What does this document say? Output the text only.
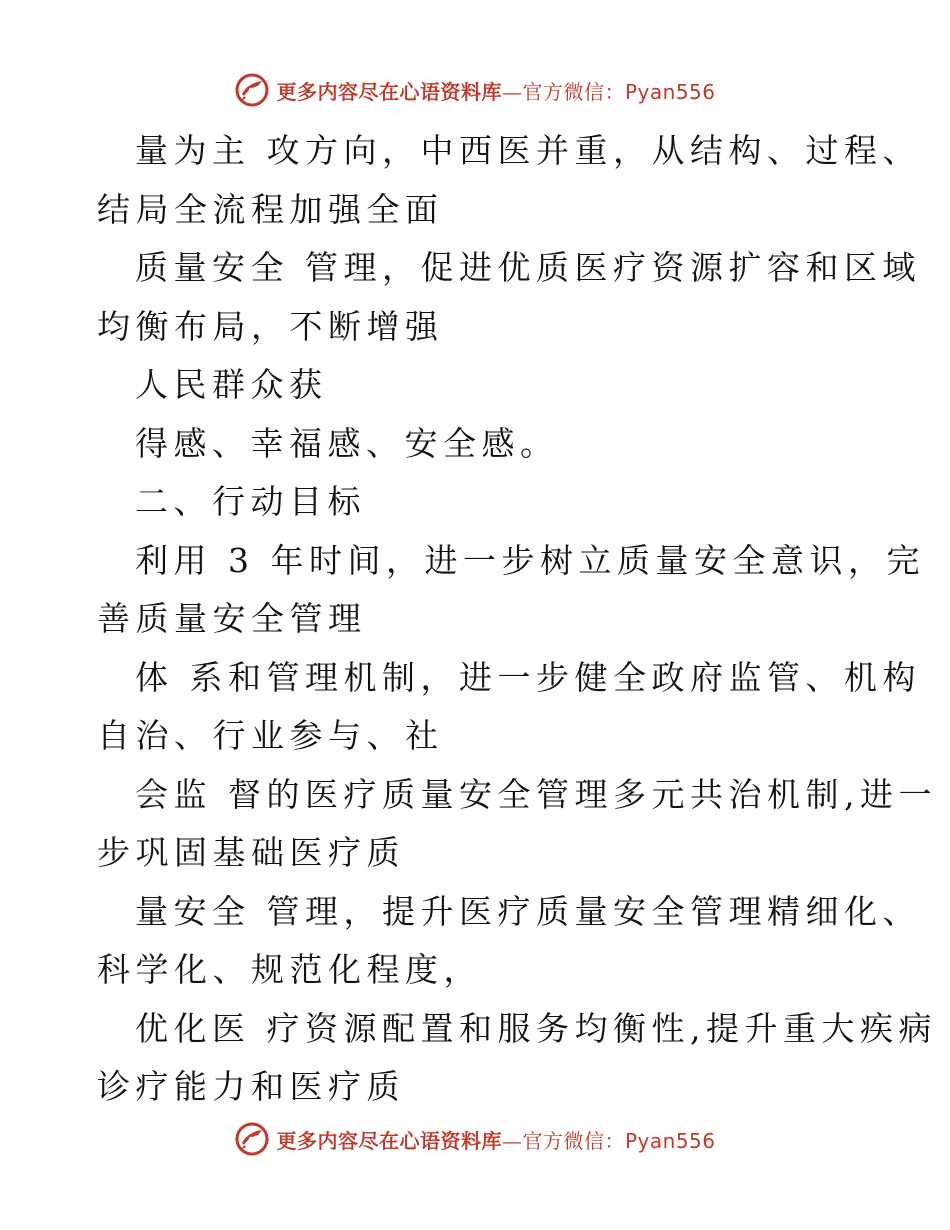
更多内容尽在心语资料库—官方微信：Pyan556

量为主 攻方向，中西医并重，从结构、过程、
结局全流程加强全面

质量安全 管理，促进优质医疗资源扩容和区域
均衡布局，不断增强

人民群众获

得感、幸福感、安全感。

二、行动目标

利用 3 年时间，进一步树立质量安全意识，完
善质量安全管理

体 系和管理机制，进一步健全政府监管、机构
自治、行业参与、社

会监 督的医疗质量安全管理多元共治机制,进一
步巩固基础医疗质

量安全 管理，提升医疗质量安全管理精细化、
科学化、规范化程度，

优化医 疗资源配置和服务均衡性,提升重大疾病
诊疗能力和医疗质

更多内容尽在心语资料库—官方微信：Pyan556
